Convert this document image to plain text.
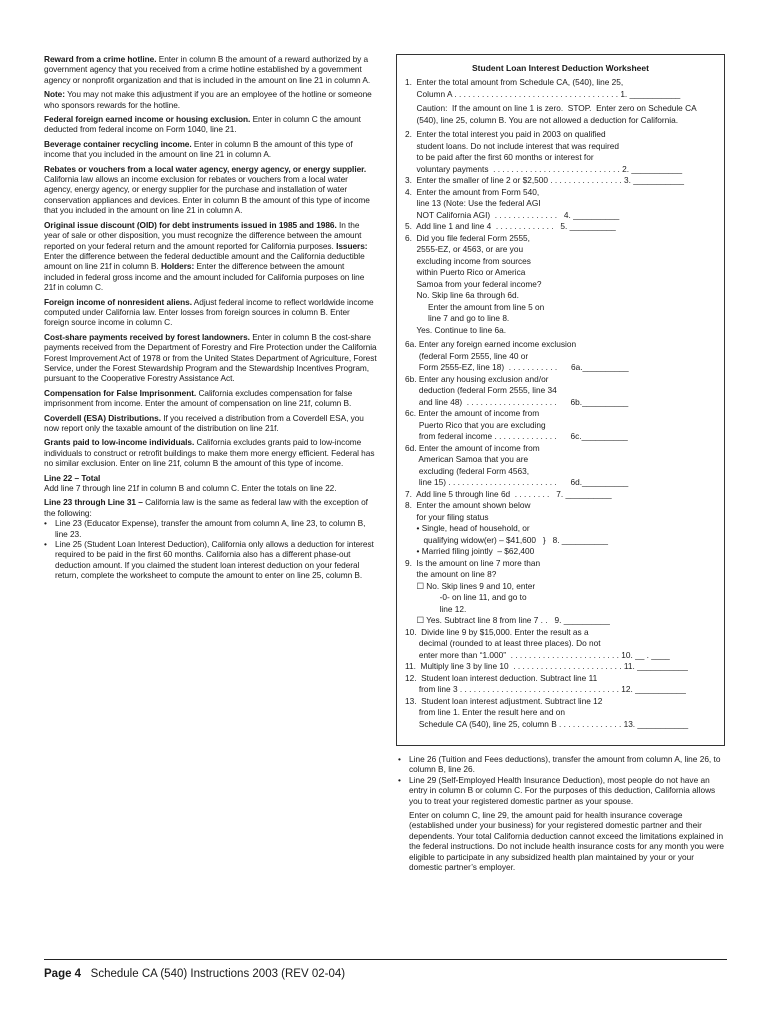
Reward from a crime hotline. Enter in column B the amount of a reward authorized by a government agency that you received from a crime hotline established by a government agency or nonprofit organization and that is included in the amount on line 21 in column A.

Note: You may not make this adjustment if you are an employee of the hotline or someone who sponsors rewards for the hotline.

Federal foreign earned income or housing exclusion. Enter in column C the amount deducted from federal income on Form 1040, line 21.

Beverage container recycling income. Enter in column B the amount of this type of income that you included in the amount on line 21 in column A.

Rebates or vouchers from a local water agency, energy agency, or energy supplier. California law allows an income exclusion for rebates or vouchers from a local water agency, energy agency, or energy supplier for the purchase and installation of water conservation appliances and devices. Enter in column B the amount of this type of income that you included in the amount on line 21 in column A.

Original issue discount (OID) for debt instruments issued in 1985 and 1986. In the year of sale or other disposition, you must recognize the difference between the amount reported on your federal return and the amount reported for California purposes. Issuers: Enter the difference between the federal deductible amount and the California deductible amount on line 21f in column B. Holders: Enter the difference between the amount included in federal gross income and the amount included for California purposes on line 21f in column C.

Foreign income of nonresident aliens. Adjust federal income to reflect worldwide income computed under California law. Enter losses from foreign sources in column B. Enter foreign source income in column C.

Cost-share payments received by forest landowners. Enter in column B the cost-share payments received from the Department of Forestry and Fire Protection under the California Forest Improvement Act of 1978 or from the United States Department of Agriculture, Forest Service, under the Forest Stewardship Program and the Stewardship Incentives Program, pursuant to the Cooperative Forestry Assistance Act.

Compensation for False Imprisonment. California excludes compensation for false imprisonment from income. Enter the amount of compensation on line 21f, column B.

Coverdell (ESA) Distributions. If you received a distribution from a Coverdell ESA, you now report only the taxable amount of the distribution on line 21f.

Grants paid to low-income individuals. California excludes grants paid to low-income individuals to construct or retrofit buildings to make them more energy efficient. Federal has no similar exclusion. Enter on line 21f, column B the amount of this type of income.

Line 22 – Total

Add line 7 through line 21f in column B and column C. Enter the totals on line 22.

Line 23 through Line 31 – California law is the same as federal law with the exception of the following:

• Line 23 (Educator Expense), transfer the amount from column A, line 23, to column B, line 23.
• Line 25 (Student Loan Interest Deduction), California only allows a deduction for interest required to be paid in the first 60 months. California also has a different phase-out deduction amount. If you claimed the student loan interest deduction on your federal return, complete the worksheet to compute the amount to enter on line 25, column B.
Student Loan Interest Deduction Worksheet
1.  Enter the total amount from Schedule CA, (540), line 25,
Column A . . . . . . . . . . . . . . . . . . . . . . . . . . . . . . . . . . . . 1. ___________
Caution:  If the amount on line 1 is zero.  STOP.  Enter zero on Schedule CA
(540), line 25, column B. You are not allowed a deduction for California.
2.  Enter the total interest you paid in 2003 on qualified
student loans. Do not include interest that was required
to be paid after the first 60 months or interest for
voluntary payments  . . . . . . . . . . . . . . . . . . . . . . . . . . . . 2. ___________
3.  Enter the smaller of line 2 or $2,500 . . . . . . . . . . . . . . . . 3. ___________
4.  Enter the amount from Form 540,
line 13 (Note: Use the federal AGI
NOT California AGI)  . . . . . . . . . . . . . .   4. __________
5.  Add line 1 and line 4  . . . . . . . . . . . . .   5. __________
6.  Did you file federal Form 2555,
2555-EZ, or 4563, or are you
excluding income from sources
within Puerto Rico or America
Samoa from your federal income?
No. Skip line 6a through 6d.
Enter the amount from line 5 on
line 7 and go to line 8.
Yes. Continue to line 6a.
6a. Enter any foreign earned income exclusion
(federal Form 2555, line 40 or
Form 2555-EZ, line 18)  . . . . . . . . . . .      6a.__________
6b. Enter any housing exclusion and/or
deduction (federal Form 2555, line 34
and line 48)  . . . . . . . . . . . . . . . . . . . .      6b.__________
6c. Enter the amount of income from
Puerto Rico that you are excluding
from federal income . . . . . . . . . . . . . .      6c.__________
6d. Enter the amount of income from
American Samoa that you are
excluding (federal Form 4563,
line 15) . . . . . . . . . . . . . . . . . . . . . . . .      6d.__________
7.  Add line 5 through line 6d  . . . . . . . .   7. __________
8.  Enter the amount shown below
for your filing status
• Single, head of household, or
qualifying widow(er) – $41,600   }   8. __________
• Married filing jointly  – $62,400
9.  Is the amount on line 7 more than
the amount on line 8?
☐ No. Skip lines 9 and 10, enter
-0- on line 11, and go to
line 12.
☐ Yes. Subtract line 8 from line 7 . .   9. __________
10.  Divide line 9 by $15,000. Enter the result as a
decimal (rounded to at least three places). Do not
enter more than “1.000”  . . . . . . . . . . . . . . . . . . . . . . . . 10. __ . ____
11.  Multiply line 3 by line 10  . . . . . . . . . . . . . . . . . . . . . . . . 11. ___________
12.  Student loan interest deduction. Subtract line 11
from line 3 . . . . . . . . . . . . . . . . . . . . . . . . . . . . . . . . . . . 12. ___________
13.  Student loan interest adjustment. Subtract line 12
from line 1. Enter the result here and on
Schedule CA (540), line 25, column B . . . . . . . . . . . . . . 13. ___________
• Line 26 (Tuition and Fees deductions), transfer the amount from column A, line 26, to column B, line 26.
• Line 29 (Self-Employed Health Insurance Deduction), most people do not have an entry in column B or column C. For the purposes of this deduction, California allows you to treat your registered domestic partner as your spouse.

Enter on column C, line 29, the amount paid for health insurance coverage (established under your business) for your registered domestic partner and their dependents. Your total California deduction cannot exceed the limitations explained in the federal instructions. Do not include health insurance costs for any month you were eligible to participate in any subsidized health plan maintained by your or your domestic partner’s employer.

Page 4 Schedule CA (540) Instructions 2003 (REV 02-04)
